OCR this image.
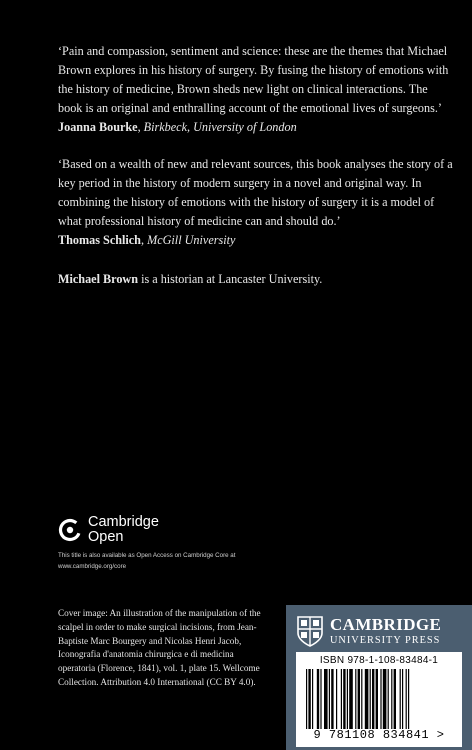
‘Pain and compassion, sentiment and science: these are the themes that Michael Brown explores in his history of surgery. By fusing the history of emotions with the history of medicine, Brown sheds new light on clinical interactions. The book is an original and enthralling account of the emotional lives of surgeons.’

Joanna Bourke, Birkbeck, University of London

‘Based on a wealth of new and relevant sources, this book analyses the story of a key period in the history of modern surgery in a novel and original way. In combining the history of emotions with the history of surgery it is a model of what professional history of medicine can and should do.’

Thomas Schlich, McGill University

Michael Brown is a historian at Lancaster University.

Cambridge
Open
This title is also available as Open Access on Cambridge Core at www.cambridge.org/core
Cover image: An illustration of the manipulation of the scalpel in order to make surgical incisions, from Jean-Baptiste Marc Bourgery and Nicolas Henri Jacob, Iconografia d'anatomia chirurgica e di medicina operatoria (Florence, 1841), vol. 1, plate 15. Wellcome Collection. Attribution 4.0 International (CC BY 4.0).
CAMBRIDGE
UNIVERSITY PRESS
ISBN 978-1-108-83484-1
9 781108 834841 >
